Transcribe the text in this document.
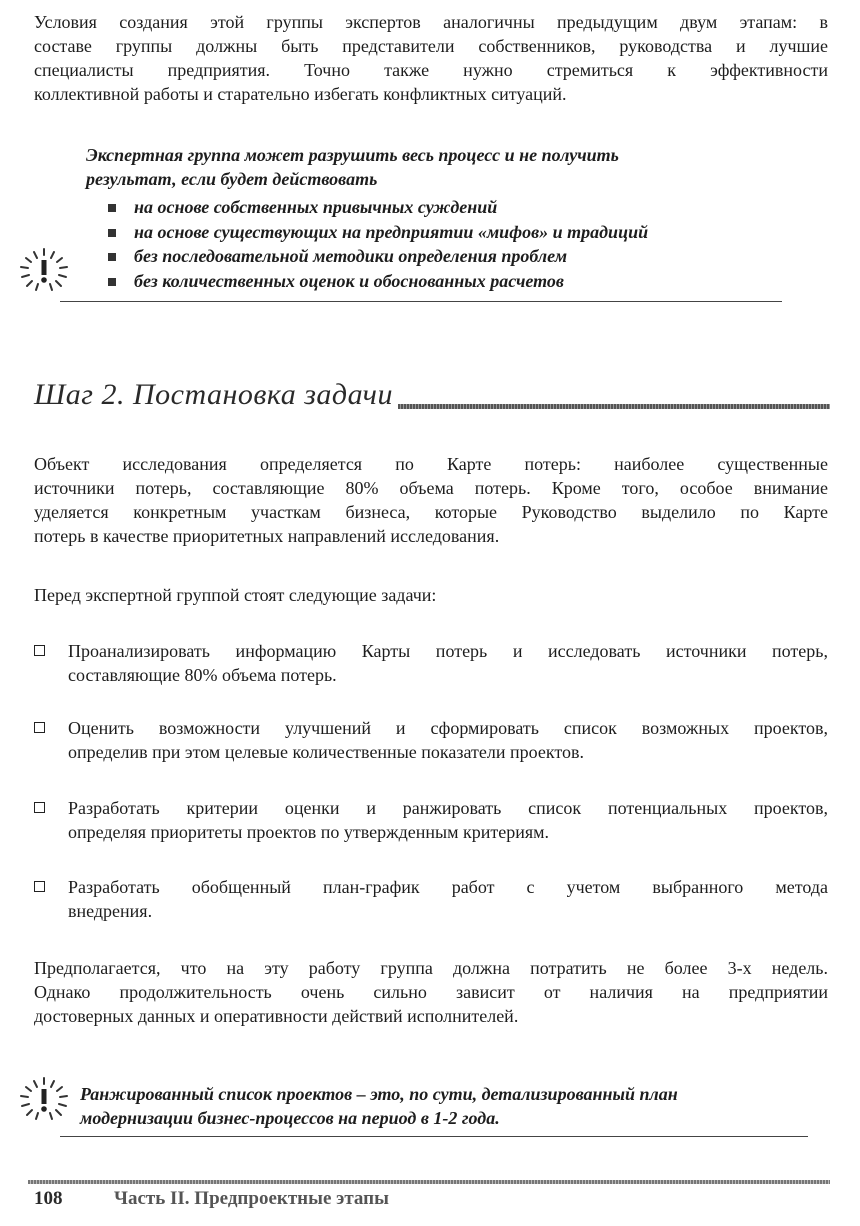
Условия создания этой группы экспертов аналогичны предыдущим двум этапам: в
составе группы должны быть представители собственников, руководства и лучшие
специалисты предприятия. Точно также нужно стремиться к эффективности
коллективной работы и старательно избегать конфликтных ситуаций.
Экспертная группа может разрушить весь процесс и не получить
результат, если будет действовать
на основе собственных привычных суждений
на основе существующих на предприятии «мифов» и традиций
без последовательной методики определения проблем
без количественных оценок и обоснованных расчетов
Шаг 2. Постановка задачи
Объект исследования определяется по Карте потерь: наиболее существенные
источники потерь, составляющие 80% объема потерь. Кроме того, особое внимание
уделяется конкретным участкам бизнеса, которые Руководство выделило по Карте
потерь в качестве приоритетных направлений исследования.
Перед экспертной группой стоят следующие задачи:
Проанализировать информацию Карты потерь и исследовать источники потерь,
составляющие 80% объема потерь.
Оценить возможности улучшений и сформировать список возможных проектов,
определив при этом целевые количественные показатели проектов.
Разработать критерии оценки и ранжировать список потенциальных проектов,
определяя приоритеты проектов по утвержденным критериям.
Разработать обобщенный план-график работ с учетом выбранного метода
внедрения.
Предполагается, что на эту работу группа должна потратить не более 3-х недель.
Однако продолжительность очень сильно зависит от наличия на предприятии
достоверных данных и оперативности действий исполнителей.
Ранжированный список проектов – это, по сути, детализированный план
модернизации бизнес-процессов на период в 1-2 года.
108	Часть II. Предпроектные этапы
